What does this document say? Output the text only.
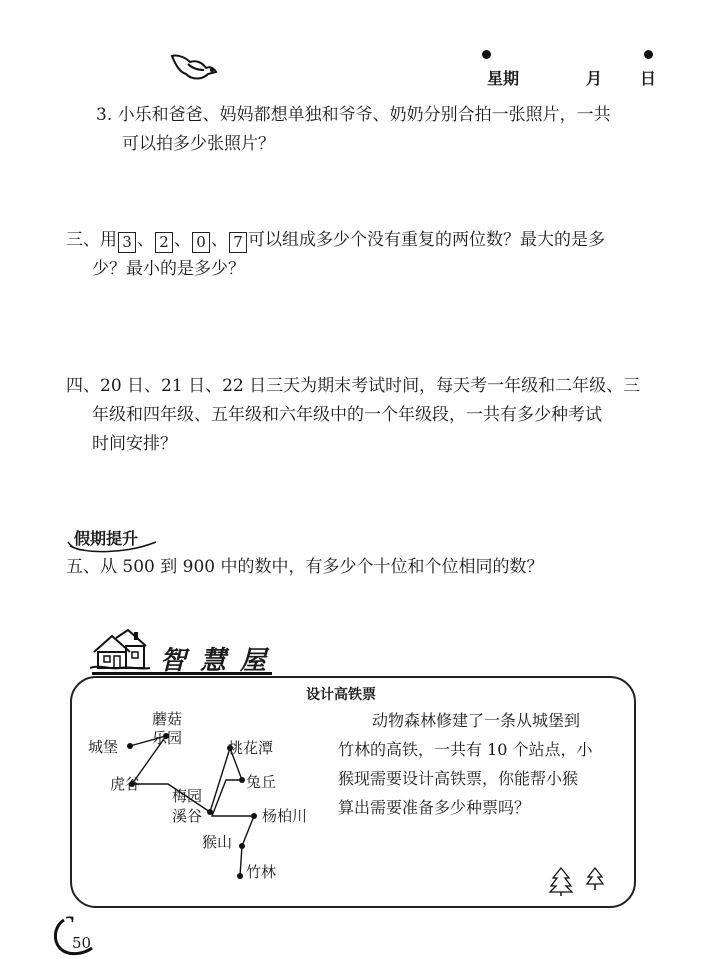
星期	月 日
3. 小乐和爸爸、妈妈都想单独和爷爷、奶奶分别合拍一张照片，一共
可以拍多少张照片？
三、用 3 、 2 、 0 、 7 可以组成多少个没有重复的两位数？最大的是多
少？最小的是多少？
四、20 日、21 日、22 日三天为期末考试时间，每天考一年级和二年级、三
年级和四年级、五年级和六年级中的一个年级段，一共有多少种考试
时间安排？
假期提升
五、从 500 到 900 中的数中，有多少个十位和个位相同的数？
智慧屋
设计高铁票
城堡
蘑菇
乐园
桃花潭
虎谷
梅园
兔丘
溪谷	杨柏川
猴山
竹林
动物森林修建了一条从城堡到
竹林的高铁，一共有 10 个站点，小
猴现需要设计高铁票，你能帮小猴
算出需要准备多少种票吗？
50
